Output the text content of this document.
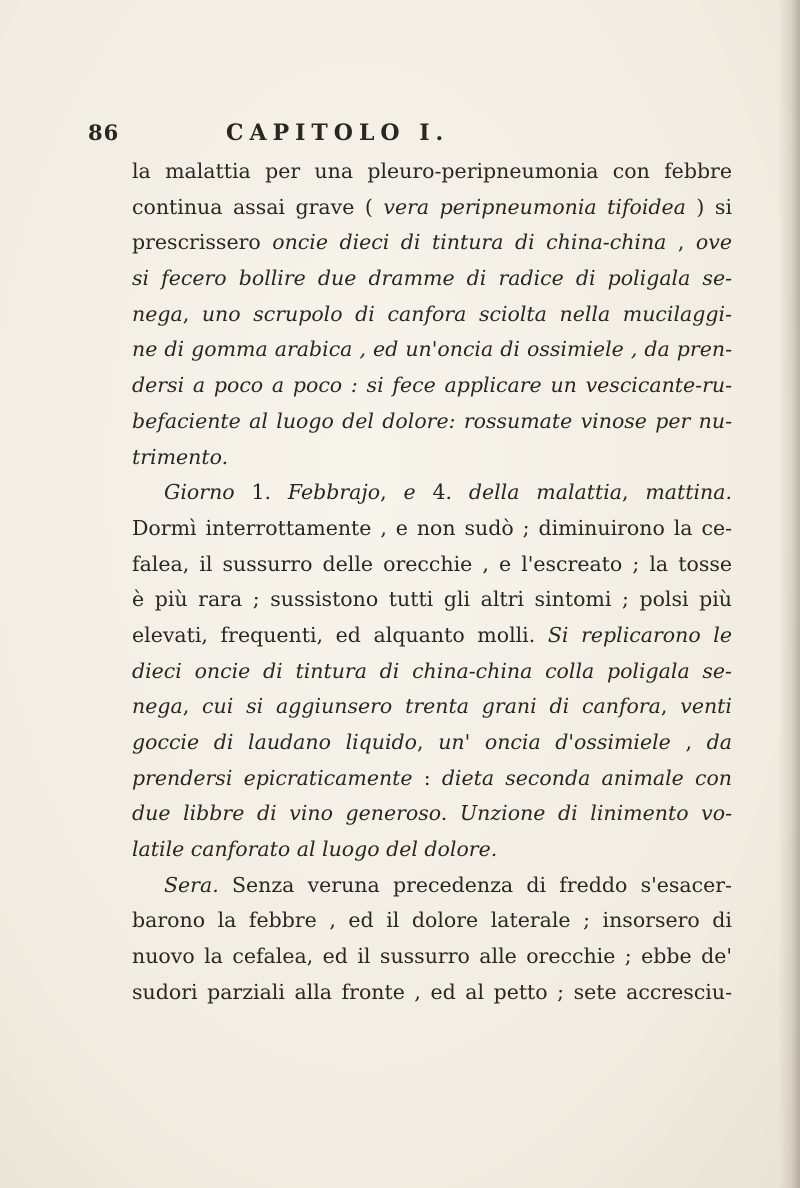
86	CAPITOLO I.
la malattia per una pleuro-peripneumonia con febbre
continua assai grave ( vera peripneumonia tifoidea ) si
prescrissero oncie dieci di tintura di china-china , ove
si fecero bollire due dramme di radice di poligala se-
nega, uno scrupolo di canfora sciolta nella mucilaggi-
ne di gomma arabica , ed un'oncia di ossimiele , da pren-
dersi a poco a poco : si fece applicare un vescicante-ru-
befaciente al luogo del dolore: rossumate vinose per nu-
trimento.
Giorno 1. Febbrajo, e 4. della malattia, mattina.
Dormì interrottamente , e non sudò ; diminuirono la ce-
falea, il sussurro delle orecchie , e l'escreato ; la tosse
è più rara ; sussistono tutti gli altri sintomi ; polsi più
elevati, frequenti, ed alquanto molli. Si replicarono le
dieci oncie di tintura di china-china colla poligala se-
nega, cui si aggiunsero trenta grani di canfora, venti
goccie di laudano liquido, un' oncia d'ossimiele , da
prendersi epicraticamente : dieta seconda animale con
due libbre di vino generoso. Unzione di linimento vo-
latile canforato al luogo del dolore.
Sera. Senza veruna precedenza di freddo s'esacer-
barono la febbre , ed il dolore laterale ; insorsero di
nuovo la cefalea, ed il sussurro alle orecchie ; ebbe de'
sudori parziali alla fronte , ed al petto ; sete accresciu-
